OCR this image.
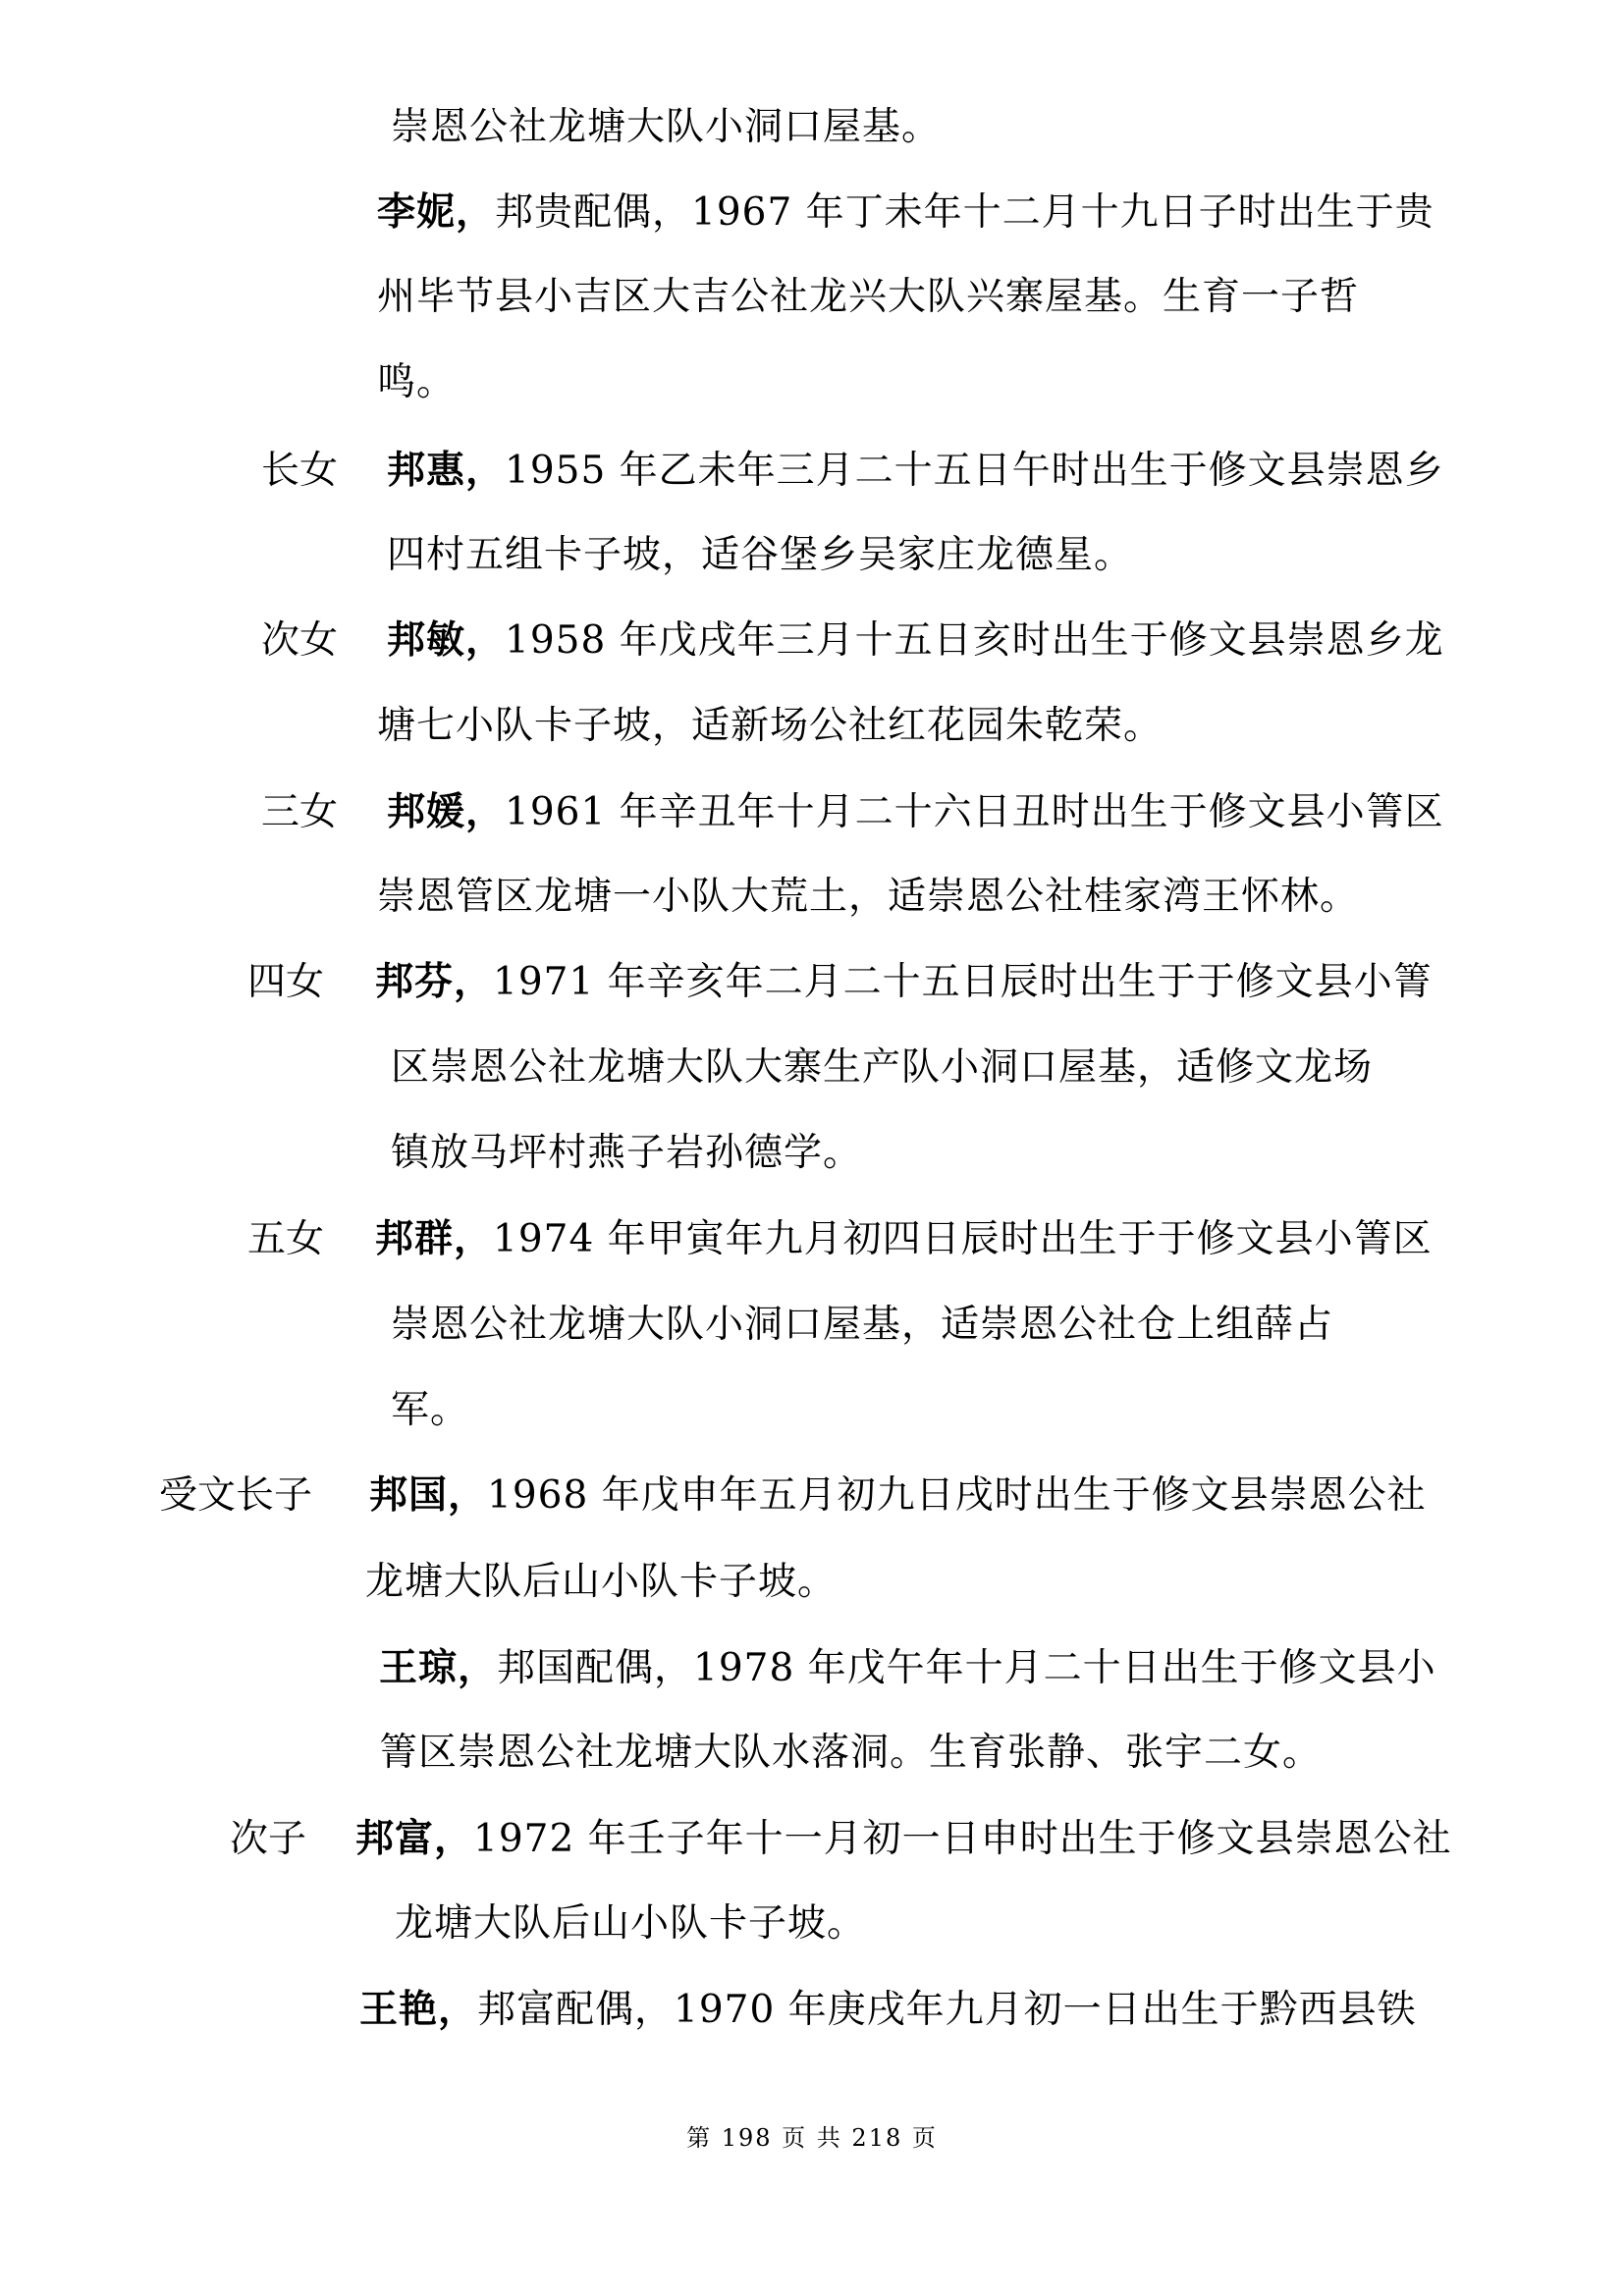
崇恩公社龙塘大队小洞口屋基。
李妮，邦贵配偶，1967 年丁未年十二月十九日子时出生于贵
州毕节县小吉区大吉公社龙兴大队兴寨屋基。生育一子哲
鸣。
长女 邦惠，1955 年乙未年三月二十五日午时出生于修文县崇恩乡
四村五组卡子坡，适谷堡乡吴家庄龙德星。
次女 邦敏，1958 年戊戌年三月十五日亥时出生于修文县崇恩乡龙
塘七小队卡子坡，适新场公社红花园朱乾荣。
三女 邦媛，1961 年辛丑年十月二十六日丑时出生于修文县小箐区
崇恩管区龙塘一小队大荒土，适崇恩公社桂家湾王怀林。
四女 邦芬，1971 年辛亥年二月二十五日辰时出生于于修文县小箐
区崇恩公社龙塘大队大寨生产队小洞口屋基，适修文龙场
镇放马坪村燕子岩孙德学。
五女 邦群，1974 年甲寅年九月初四日辰时出生于于修文县小箐区
崇恩公社龙塘大队小洞口屋基，适崇恩公社仓上组薛占
军。
受文长子 邦国，1968 年戊申年五月初九日戌时出生于修文县崇恩公社
龙塘大队后山小队卡子坡。
王琼，邦国配偶，1978 年戊午年十月二十日出生于修文县小
箐区崇恩公社龙塘大队水落洞。生育张静、张宇二女。
次子 邦富，1972 年壬子年十一月初一日申时出生于修文县崇恩公社
龙塘大队后山小队卡子坡。
王艳，邦富配偶，1970 年庚戌年九月初一日出生于黔西县铁
第 198 页 共 218 页
